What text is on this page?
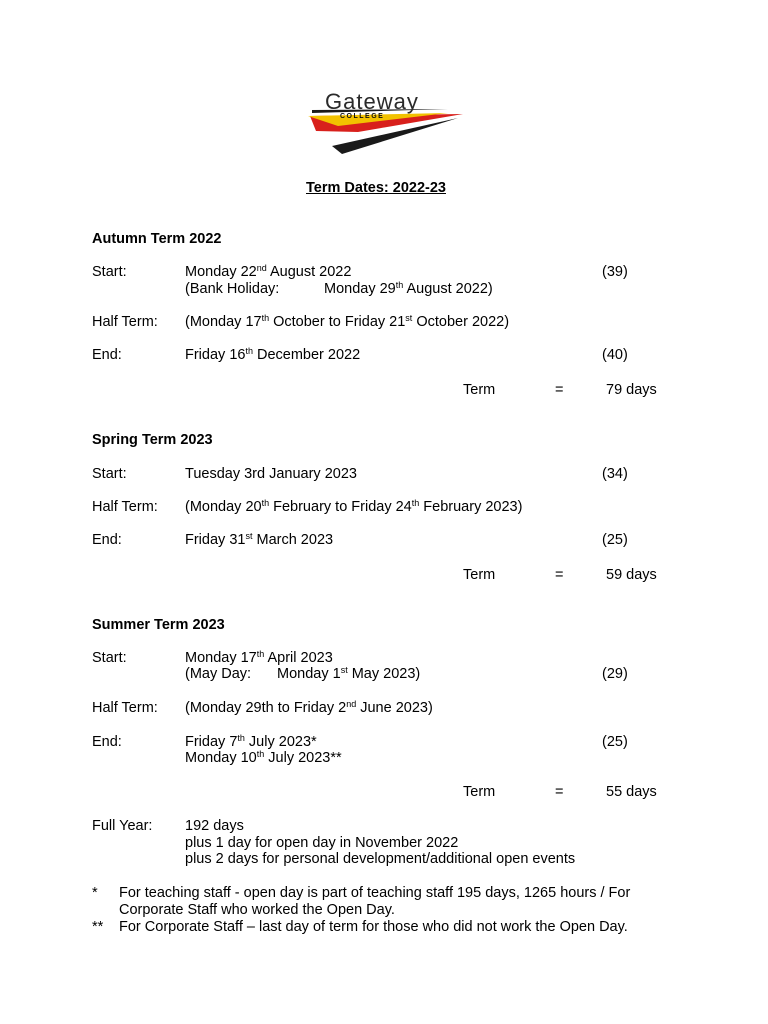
Gateway
COLLEGE
Term Dates: 2022-23
Autumn Term 2022
Start:	Monday 22nd August 2022	(39)
(Bank Holiday:	Monday 29th August 2022)
Half Term: (Monday 17th October to Friday 21st October 2022)
End:	Friday 16th December 2022	(40)
Term	=	79 days
Spring Term 2023
Start:	Tuesday 3rd January 2023	(34)
Half Term: (Monday 20th February to Friday 24th February 2023)
End:	Friday 31st March 2023	(25)
Term	=	59 days
Summer Term 2023
Start:	Monday 17th April 2023
(May Day: Monday 1st May 2023)	(29)
Half Term: (Monday 29th to Friday 2nd June 2023)
End:	Friday 7th July 2023*	(25)
Monday 10th July 2023**
Term	=	55 days
Full Year: 192 days
plus 1 day for open day in November 2022
plus 2 days for personal development/additional open events
* For teaching staff - open day is part of teaching staff 195 days, 1265 hours / For
Corporate Staff who worked the Open Day.
** For Corporate Staff – last day of term for those who did not work the Open Day.
